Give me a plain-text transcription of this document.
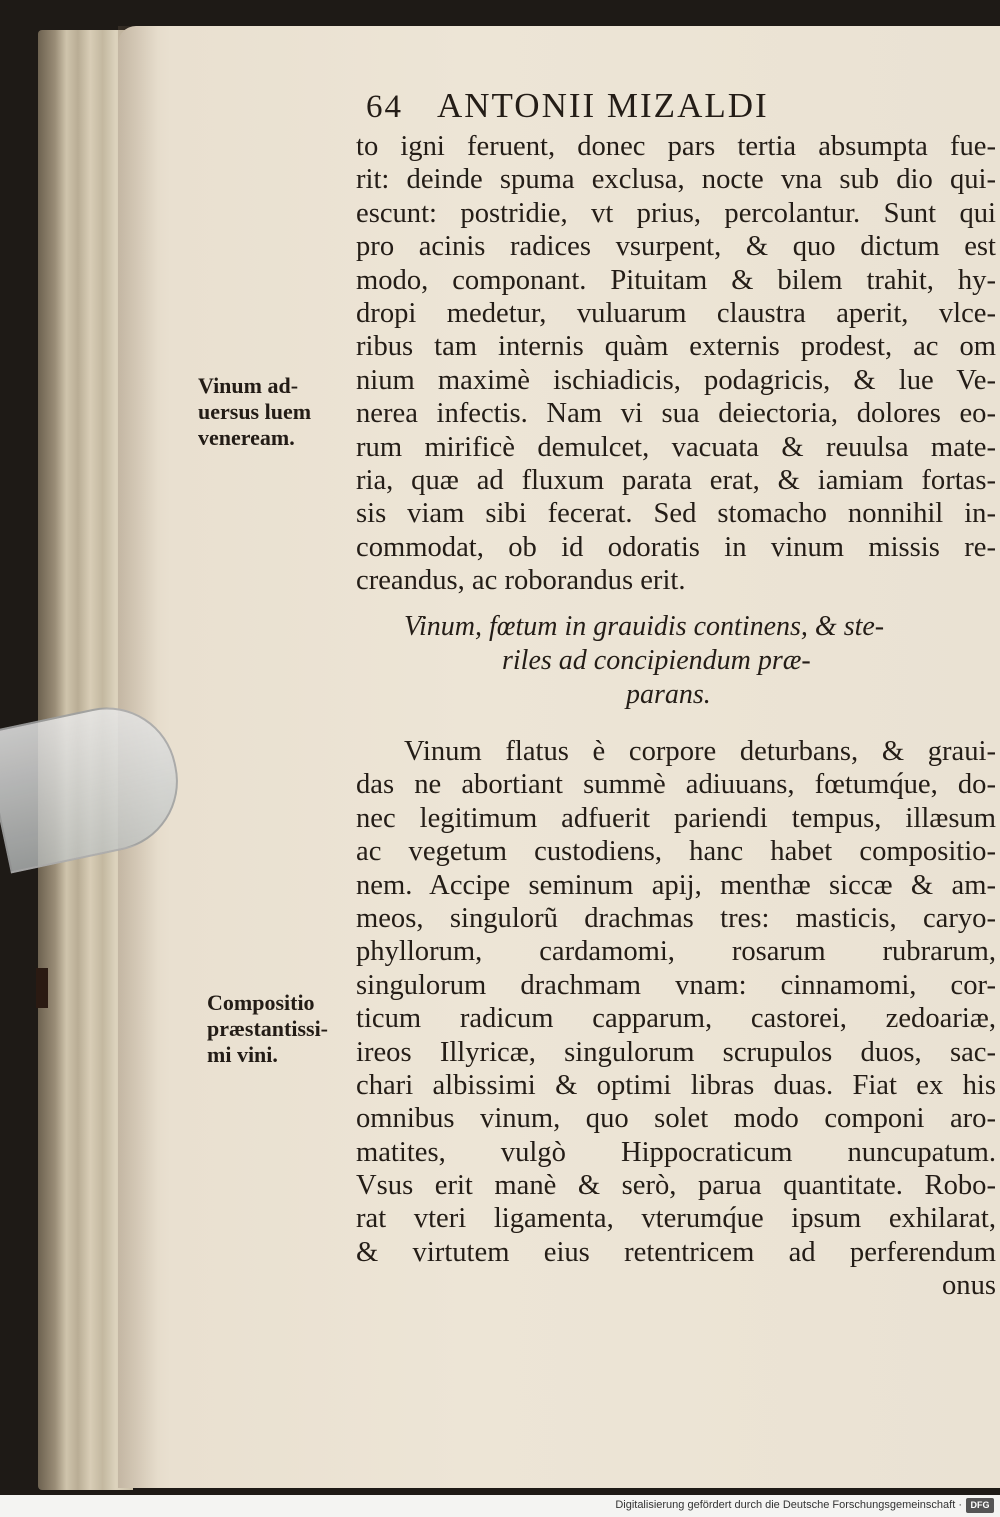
64 ANTONII MIZALDI
to igni feruent, donec pars tertia absumpta fue-
rit: deinde spuma exclusa, nocte vna sub dio qui-
escunt: postridie, vt prius, percolantur. Sunt qui
pro acinis radices vsurpent, & quo dictum est
modo, componant. Pituitam & bilem trahit, hy-
dropi medetur, vuluarum claustra aperit, vlce-
ribus tam internis quàm externis prodest, ac om
nium maximè ischiadicis, podagricis, & lue Ve-
nerea infectis. Nam vi sua deiectoria, dolores eo-
rum mirificè demulcet, vacuata & reuulsa mate-
ria, quæ ad fluxum parata erat, & iamiam fortas-
sis viam sibi fecerat. Sed stomacho nonnihil in-
commodat, ob id odoratis in vinum missis re-
creandus, ac roborandus erit.
Vinum, fœtum in grauidis continens, & ste-
riles ad concipiendum præ-
parans.
Vinum flatus è corpore deturbans, & graui-
das ne abortiant summè adiuuans, fœtumq́ue, do-
nec legitimum adfuerit pariendi tempus, illæsum
ac vegetum custodiens, hanc habet compositio-
nem. Accipe seminum apij, menthæ siccæ & am-
meos, singulorũ drachmas tres: masticis, caryo-
phyllorum, cardamomi, rosarum rubrarum,
singulorum drachmam vnam: cinnamomi, cor-
ticum radicum capparum, castorei, zedoariæ,
ireos Illyricæ, singulorum scrupulos duos, sac-
chari albissimi & optimi libras duas. Fiat ex his
omnibus vinum, quo solet modo componi aro-
matites, vulgò Hippocraticum nuncupatum.
Vsus erit manè & serò, parua quantitate. Robo-
rat vteri ligamenta, vterumq́ue ipsum exhilarat,
& virtutem eius retentricem ad perferendum
onus
Vinum ad-
uersus luem
veneream.
Compositio
præstantissi-
mi vini.
Digitalisierung gefördert durch die Deutsche Forschungsgemeinschaft · DFG
